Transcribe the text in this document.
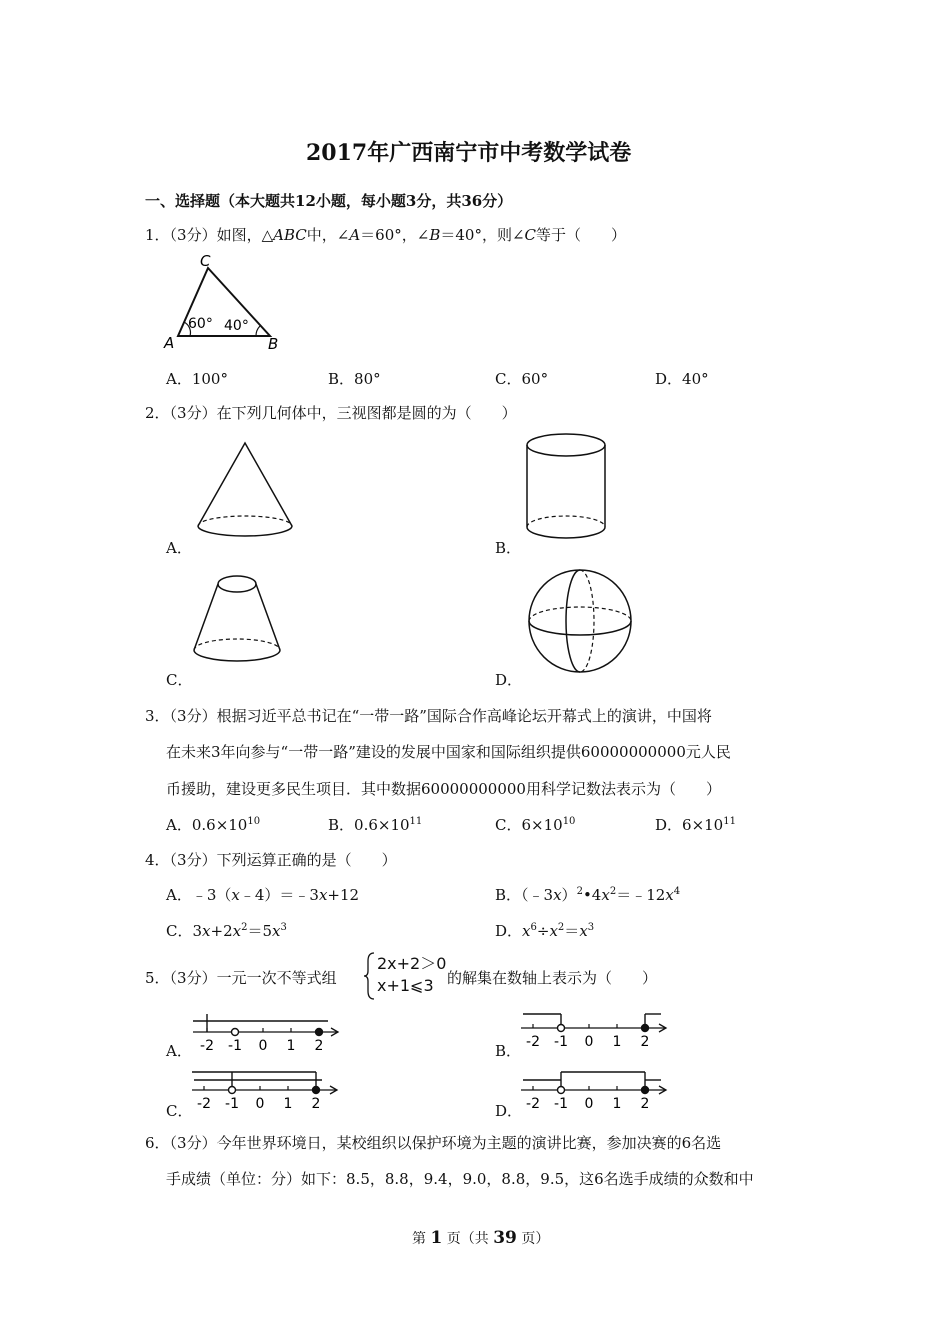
2017年广西南宁市中考数学试卷
一、选择题（本大题共12小题，每小题3分，共36分）
1．（3分）如图，△ABC中，∠A＝60°，∠B＝40°，则∠C等于（　　）
C
A	B
60° 40°
A．100°	B．80°	C．60°	D．40°
2．（3分）在下列几何体中，三视图都是圆的为（　　）
A．	B．
C．	D．
3．（3分）根据习近平总书记在“一带一路”国际合作高峰论坛开幕式上的演讲，中国将
在未来3年向参与“一带一路”建设的发展中国家和国际组织提供60000000000元人民
币援助，建设更多民生项目．其中数据60000000000用科学记数法表示为（　　）
A．$0.6\times 10^{10}$	B．$0.6\times 10^{11}$	C．$6\times 10^{10}$	D．$6\times 10^{11}$
4．（3分）下列运算正确的是（　　）
A．﹣3（x﹣4）＝﹣3x+12	B．$(﹣3x)^2•4x^2=﹣12x^4$
C．$3x+2x^2=5x^3$	D．$x^6\div x^2=x^3$
5．（3分）一元一次不等式组
2x+2＞0
x+1⩽3 的解集在数轴上表示为（　　）
A． -2 -1 0 1 2	B． -2 -1 0 1 2
C． -2 -1 0 1 2	D． -2 -1 0 1 2
6．（3分）今年世界环境日，某校组织以保护环境为主题的演讲比赛，参加决赛的6名选
手成绩（单位：分）如下：8.5，8.8，9.4，9.0，8.8，9.5，这6名选手成绩的众数和中
第 1 页（共 39 页）
